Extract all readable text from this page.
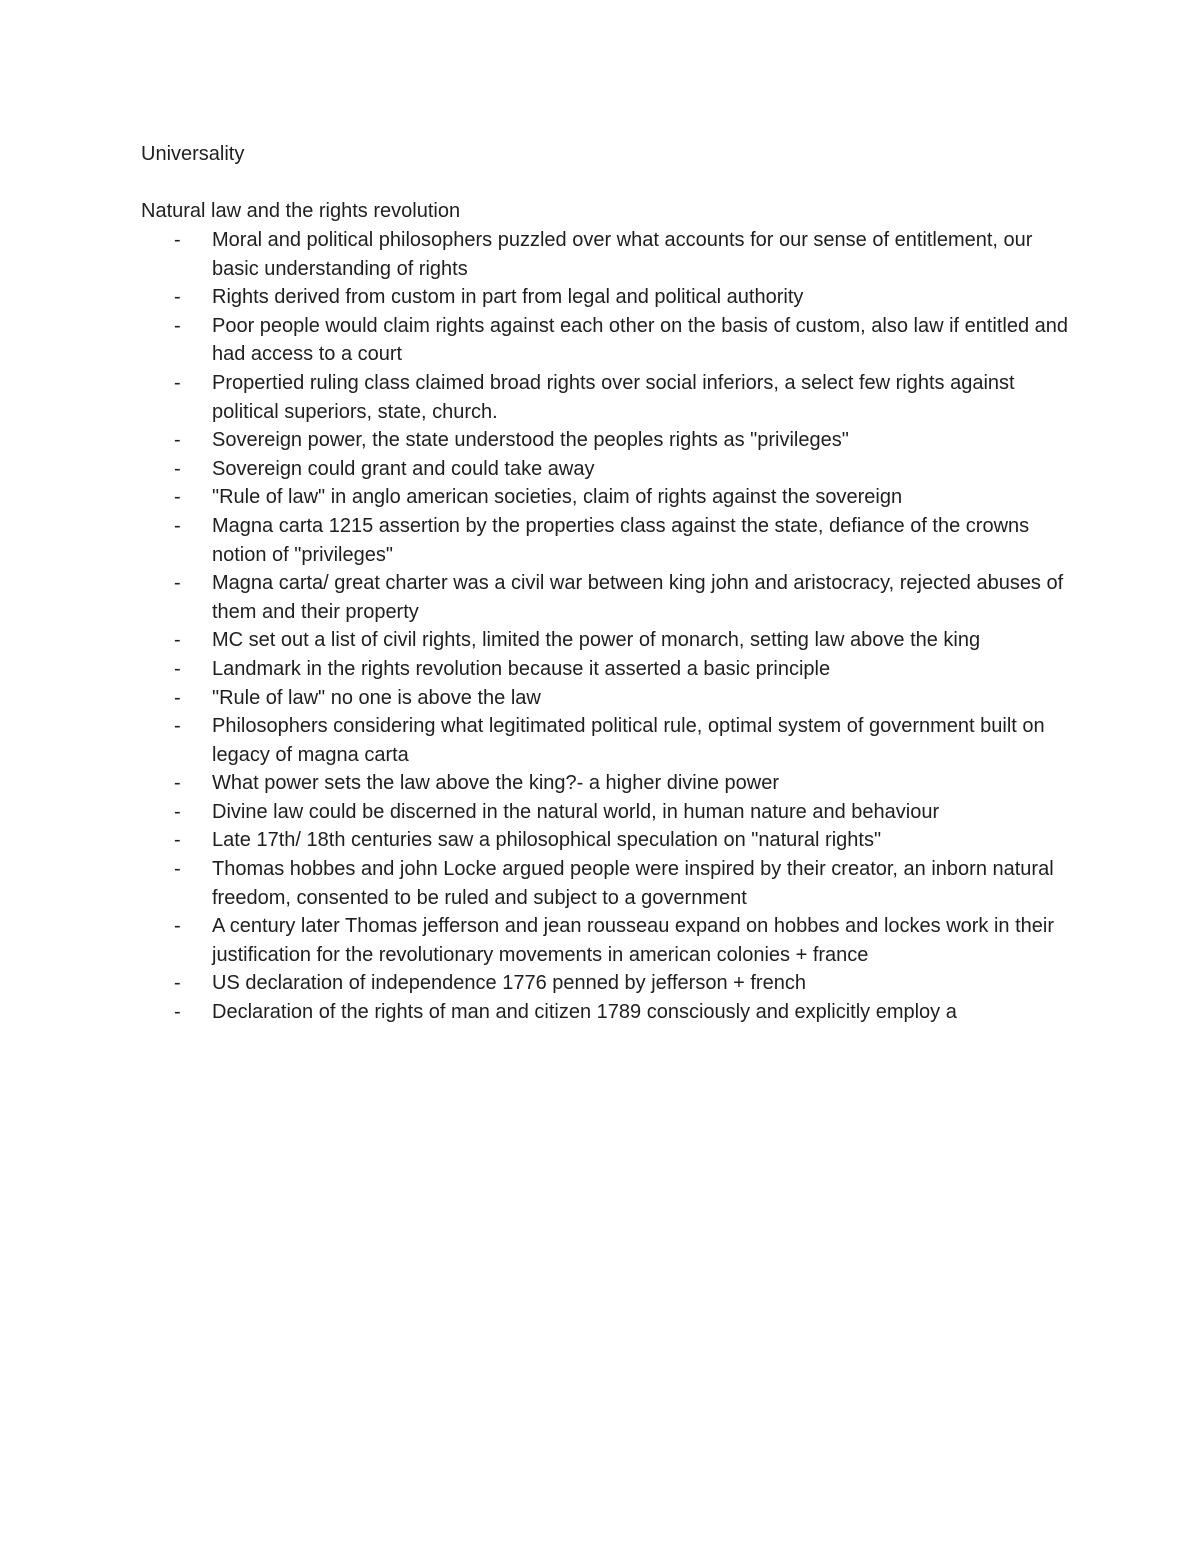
Universality
Natural law and the rights revolution
- Moral and political philosophers puzzled over what accounts for our sense of entitlement, our basic understanding of rights
- Rights derived from custom in part from legal and political authority
- Poor people would claim rights against each other on the basis of custom, also law if entitled and had access to a court
- Propertied ruling class claimed broad rights over social inferiors, a select few rights against political superiors, state, church.
- Sovereign power, the state understood the peoples rights as "privileges"
- Sovereign could grant and could take away
- "Rule of law" in anglo american societies, claim of rights against the sovereign
- Magna carta 1215 assertion by the properties class against the state, defiance of the crowns notion of "privileges"
- Magna carta/ great charter was a civil war between king john and aristocracy, rejected abuses of them and their property
- MC set out a list of civil rights, limited the power of monarch, setting law above the king
- Landmark in the rights revolution because it asserted a basic principle
- "Rule of law" no one is above the law
- Philosophers considering what legitimated political rule, optimal system of government built on legacy of magna carta
- What power sets the law above the king?- a higher divine power
- Divine law could be discerned in the natural world, in human nature and behaviour
- Late 17th/ 18th centuries saw a philosophical speculation on "natural rights"
- Thomas hobbes and john Locke argued people were inspired by their creator, an inborn natural freedom, consented to be ruled and subject to a government
- A century later Thomas jefferson and jean rousseau expand on hobbes and lockes work in their justification for the revolutionary movements in american colonies + france
- US declaration of independence 1776 penned by jefferson + french
- Declaration of the rights of man and citizen 1789 consciously and explicitly employ a
